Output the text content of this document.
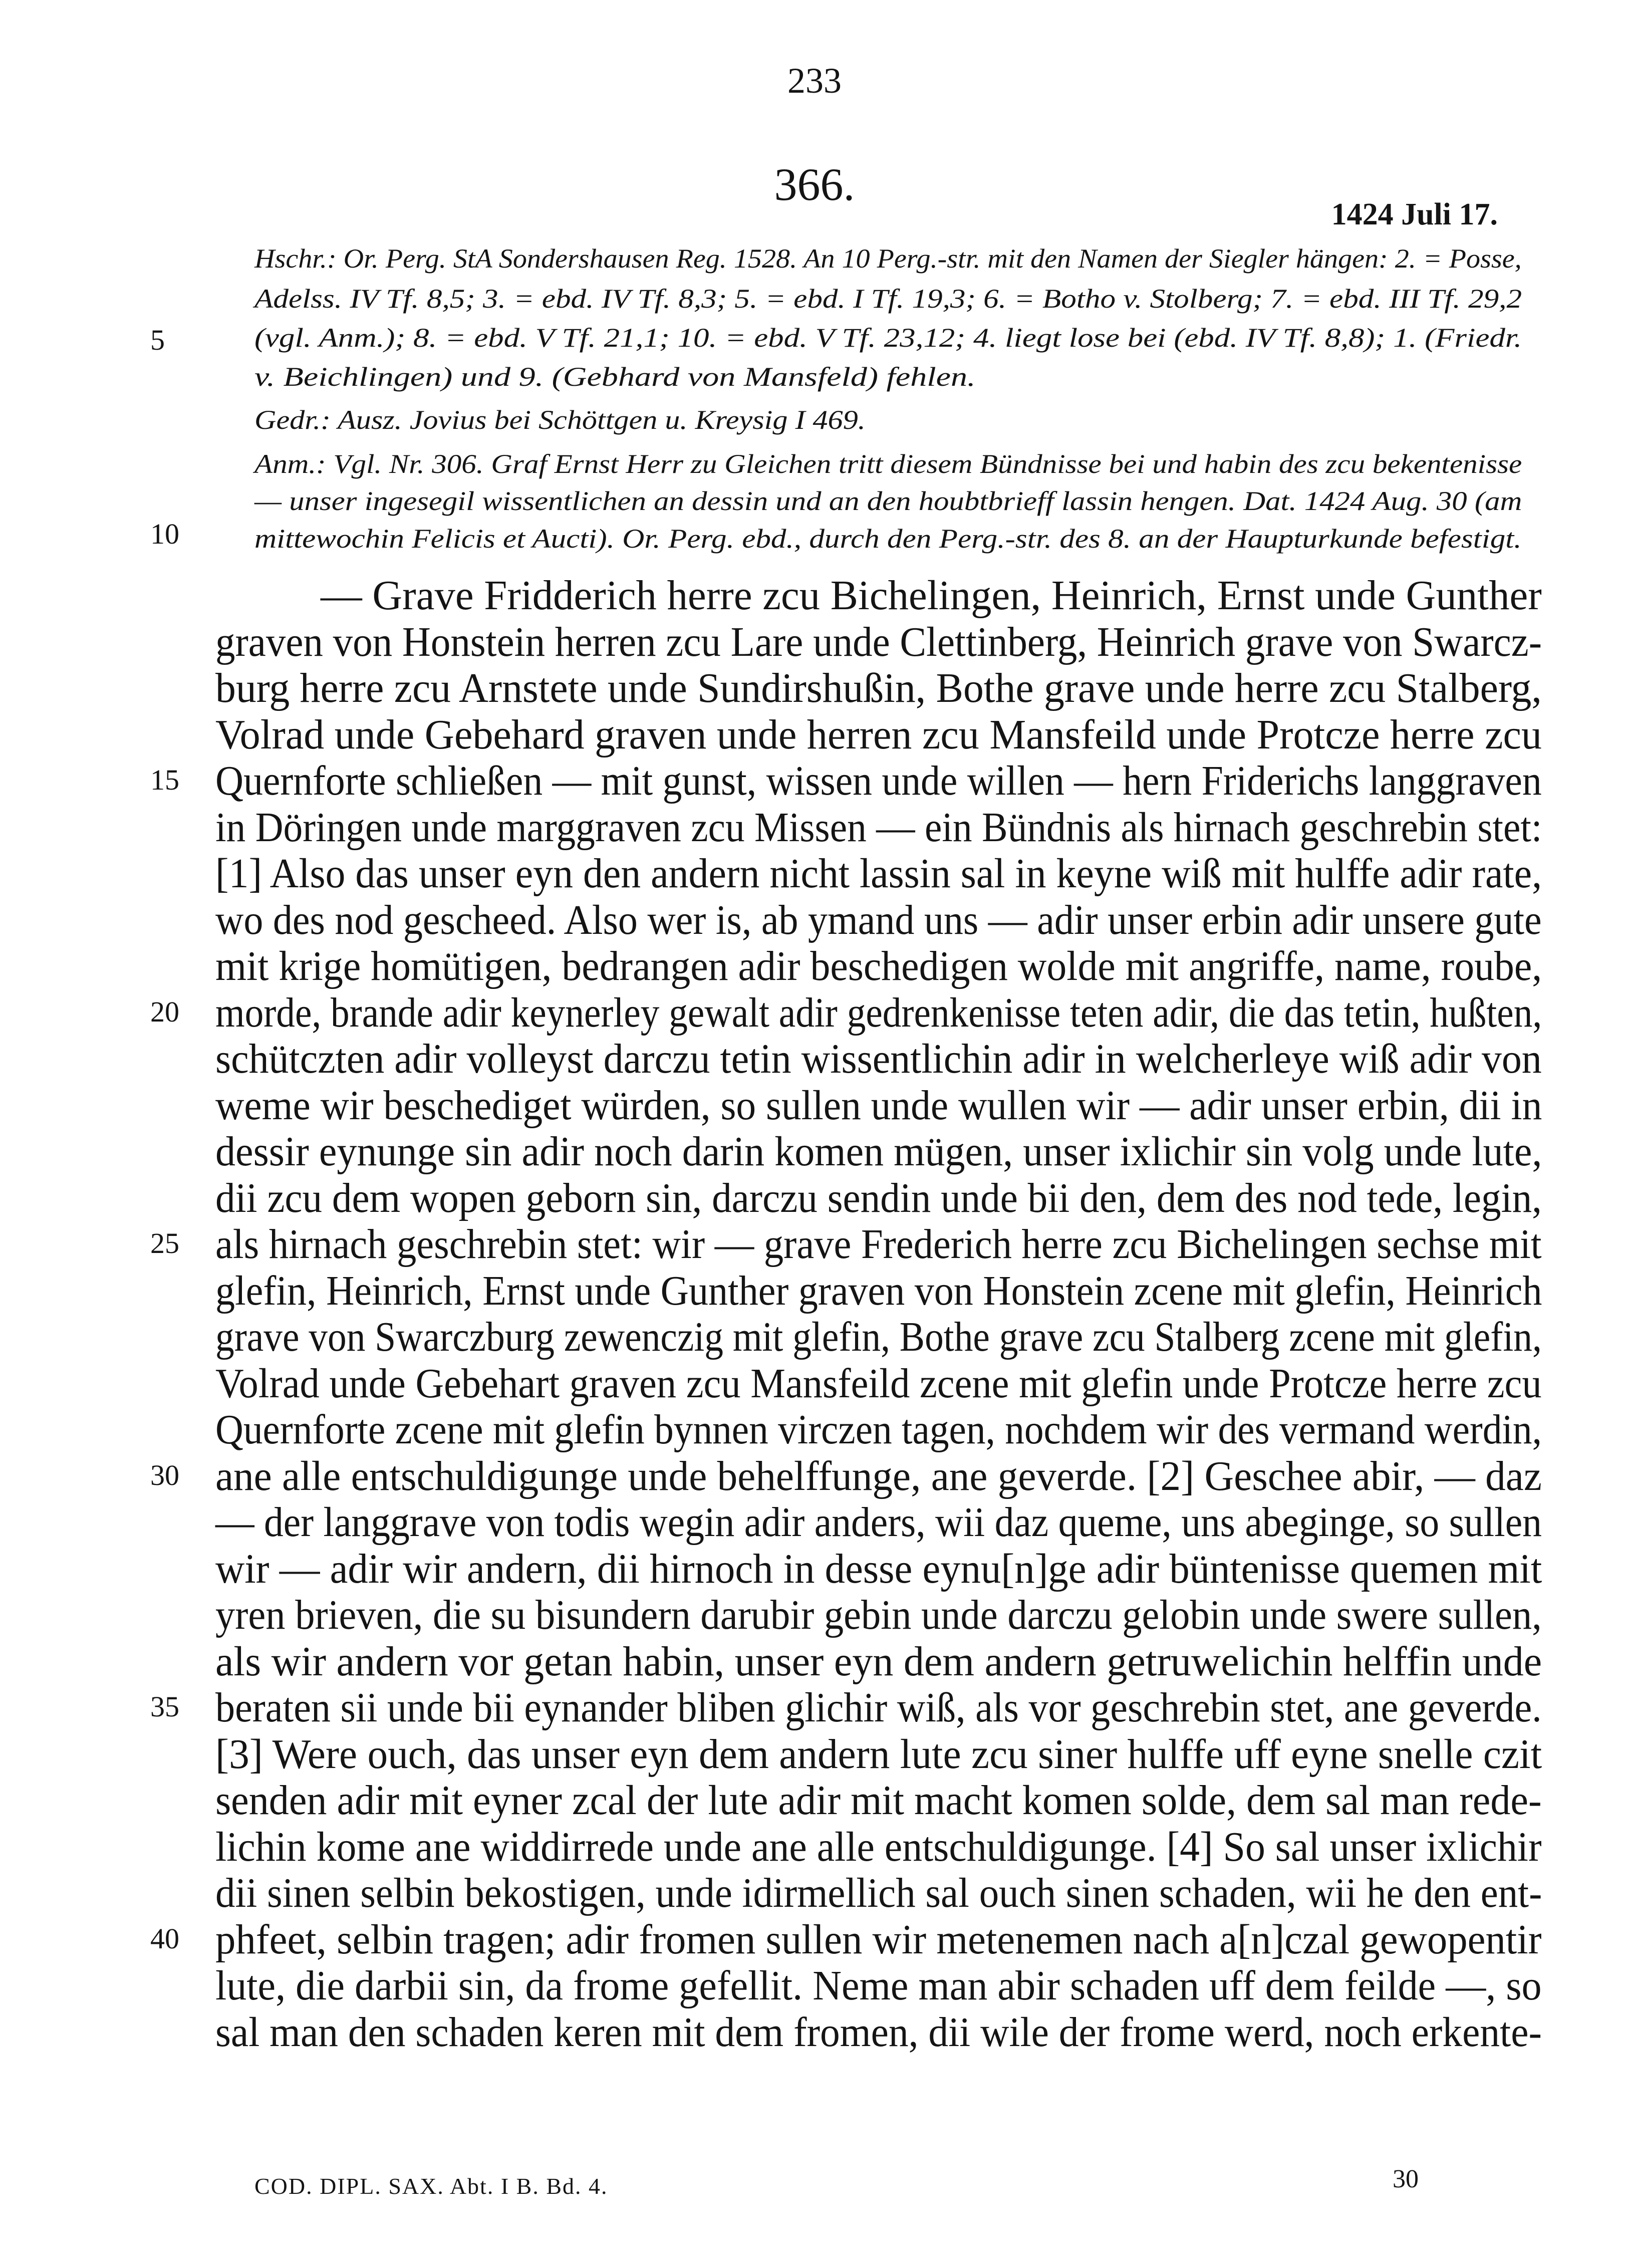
233
366.
1424 Juli 17.
Hschr.: Or. Perg. StA Sondershausen Reg. 1528. An 10 Perg.-str. mit den Namen der Siegler hängen: 2. = Posse,
Adelss. IV Tf. 8,5; 3. = ebd. IV Tf. 8,3; 5. = ebd. I Tf. 19,3; 6. = Botho v. Stolberg; 7. = ebd. III Tf. 29,2
(vgl. Anm.); 8. = ebd. V Tf. 21,1; 10. = ebd. V Tf. 23,12; 4. liegt lose bei (ebd. IV Tf. 8,8); 1. (Friedr.
v. Beichlingen) und 9. (Gebhard von Mansfeld) fehlen.
Gedr.: Ausz. Jovius bei Schöttgen u. Kreysig I 469.
Anm.: Vgl. Nr. 306. Graf Ernst Herr zu Gleichen tritt diesem Bündnisse bei und habin des zcu bekentenisse
— unser ingesegil wissentlichen an dessin und an den houbtbrieff lassin hengen. Dat. 1424 Aug. 30 (am
mittewochin Felicis et Aucti). Or. Perg. ebd., durch den Perg.-str. des 8. an der Haupturkunde befestigt.
5
10
— Grave Fridderich herre zcu Bichelingen, Heinrich, Ernst unde Gunther
graven von Honstein herren zcu Lare unde Clettinberg, Heinrich grave von Swarcz-
burg herre zcu Arnstete unde Sundirshußin, Bothe grave unde herre zcu Stalberg,
Volrad unde Gebehard graven unde herren zcu Mansfeild unde Protcze herre zcu
Quernforte schließen — mit gunst, wissen unde willen — hern Friderichs langgraven
in Döringen unde marggraven zcu Missen — ein Bündnis als hirnach geschrebin stet:
[1] Also das unser eyn den andern nicht lassin sal in keyne wiß mit hulffe adir rate,
wo des nod gescheed. Also wer is, ab ymand uns — adir unser erbin adir unsere gute
mit krige homütigen, bedrangen adir beschedigen wolde mit angriffe, name, roube,
morde, brande adir keynerley gewalt adir gedrenkenisse teten adir, die das tetin, hußten,
schütczten adir volleyst darczu tetin wissentlichin adir in welcherleye wiß adir von
weme wir beschediget würden, so sullen unde wullen wir — adir unser erbin, dii in
dessir eynunge sin adir noch darin komen mügen, unser ixlichir sin volg unde lute,
dii zcu dem wopen geborn sin, darczu sendin unde bii den, dem des nod tede, legin,
als hirnach geschrebin stet: wir — grave Frederich herre zcu Bichelingen sechse mit
glefin, Heinrich, Ernst unde Gunther graven von Honstein zcene mit glefin, Heinrich
grave von Swarczburg zewenczig mit glefin, Bothe grave zcu Stalberg zcene mit glefin,
Volrad unde Gebehart graven zcu Mansfeild zcene mit glefin unde Protcze herre zcu
Quernforte zcene mit glefin bynnen virczen tagen, nochdem wir des vermand werdin,
ane alle entschuldigunge unde behelffunge, ane geverde. [2] Geschee abir, — daz
— der langgrave von todis wegin adir anders, wii daz queme, uns abeginge, so sullen
wir — adir wir andern, dii hirnoch in desse eynu[n]ge adir büntenisse quemen mit
yren brieven, die su bisundern darubir gebin unde darczu gelobin unde swere sullen,
als wir andern vor getan habin, unser eyn dem andern getruwelichin helffin unde
beraten sii unde bii eynander bliben glichir wiß, als vor geschrebin stet, ane geverde.
[3] Were ouch, das unser eyn dem andern lute zcu siner hulffe uff eyne snelle czit
senden adir mit eyner zcal der lute adir mit macht komen solde, dem sal man rede-
lichin kome ane widdirrede unde ane alle entschuldigunge. [4] So sal unser ixlichir
dii sinen selbin bekostigen, unde idirmellich sal ouch sinen schaden, wii he den ent-
phfeet, selbin tragen; adir fromen sullen wir metenemen nach a[n]czal gewopentir
lute, die darbii sin, da frome gefellit. Neme man abir schaden uff dem feilde —, so
sal man den schaden keren mit dem fromen, dii wile der frome werd, noch erkente-
15
20
25
30
35
40
COD. DIPL. SAX. Abt. I B. Bd. 4.	30
